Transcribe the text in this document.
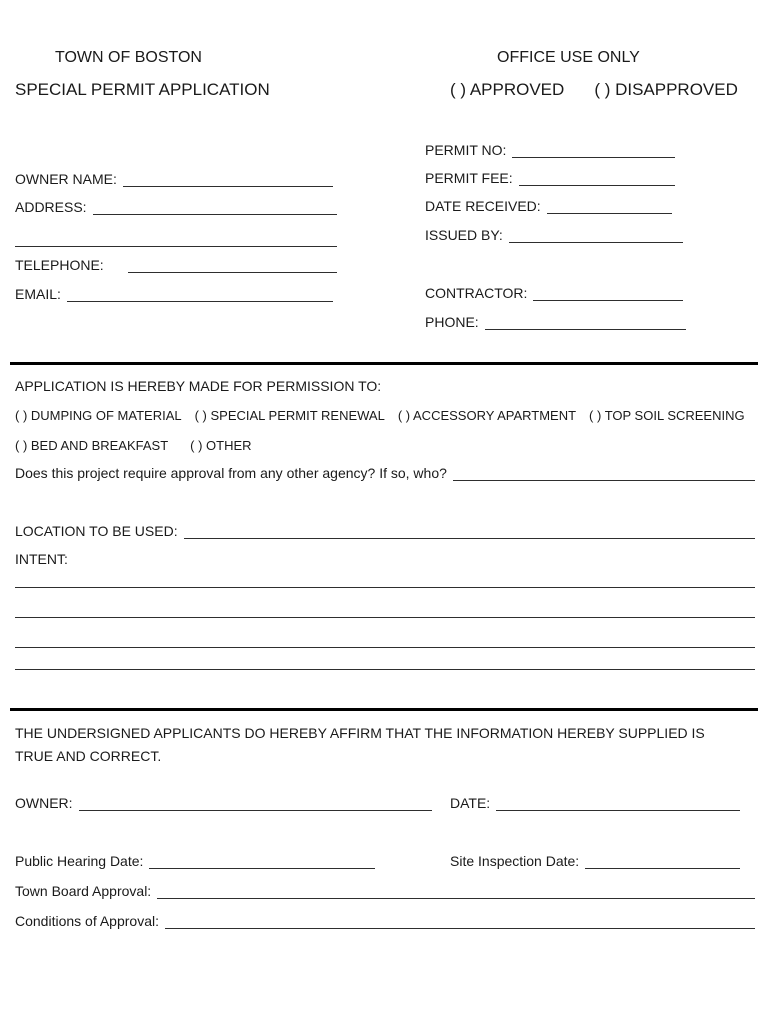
TOWN OF BOSTON	OFFICE USE ONLY
SPECIAL PERMIT APPLICATION	( ) APPROVED ( ) DISAPPROVED
PERMIT NO:
PERMIT FEE:
DATE RECEIVED:
ISSUED BY:
CONTRACTOR:
PHONE:
OWNER NAME:
ADDRESS:
TELEPHONE:
EMAIL:
APPLICATION IS HEREBY MADE FOR PERMISSION TO:
( ) DUMPING OF MATERIAL ( ) SPECIAL PERMIT RENEWAL ( ) ACCESSORY APARTMENT ( ) TOP SOIL SCREENING
( ) BED AND BREAKFAST ( ) OTHER
Does this project require approval from any other agency? If so, who?
LOCATION TO BE USED:
INTENT:
THE UNDERSIGNED APPLICANTS DO HEREBY AFFIRM THAT THE INFORMATION HEREBY SUPPLIED IS TRUE AND CORRECT.
OWNER:	DATE:
Public Hearing Date:	Site Inspection Date:
Town Board Approval:
Conditions of Approval:
